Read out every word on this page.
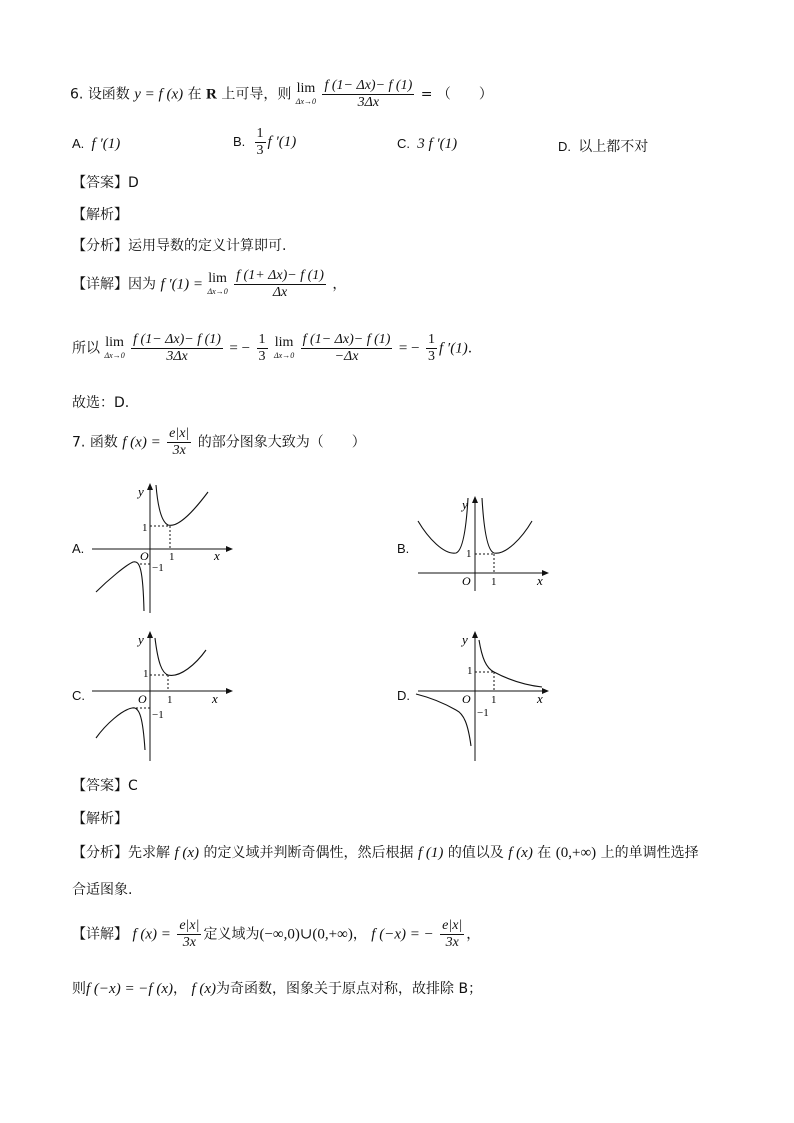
6. 设函数 y = f (x) 在 R 上可导，则 lim
Δx→0
$\frac{f (1- \Delta x)- f (1)}{3\Delta x}$ = （　　）
A. f ′(1)	B. $\frac{1}{3}$ f ′(1)	C. 3 f ′(1)	D. 以上都不对
【答案】D
【解析】
【分析】运用导数的定义计算即可.
【详解】因为 f ′(1) = lim
Δx→0
$\frac{f (1+ \Delta x)- f (1)}{\Delta x}$ ，
所以 lim
Δx→0
$\frac{f (1- \Delta x)- f (1)}{3\Delta x}$ = − $\frac{1}{3}$ lim
Δx→0
$\frac{f (1- \Delta x)- f (1)}{-\Delta x}$ = − $\frac{1}{3}$ f ′(1).
故选：D.
7. 函数 f $(x) = \frac{e|x|}{3x}$ 的部分图象大致为（　　）
A.
y
x
O
1
1
−1
B.
y
x
O
1
1
C.
y
x
O
1
1
−1
D.
y
x
O
1
1
−1
【答案】C
【解析】
【分析】先求解 f (x) 的定义域并判断奇偶性，然后根据 f (1) 的值以及 f (x) 在 (0,+∞) 上的单调性选择
合适图象.
【详解】 f $(x) = \frac{e|x|}{3x}$ 定义域为(−∞,0)∪(0,+∞)， f (−x) = − $\frac{e|x|}{3x}$ ，
则f (−x) = −f (x)， f (x)为奇函数，图象关于原点对称，故排除 B；
